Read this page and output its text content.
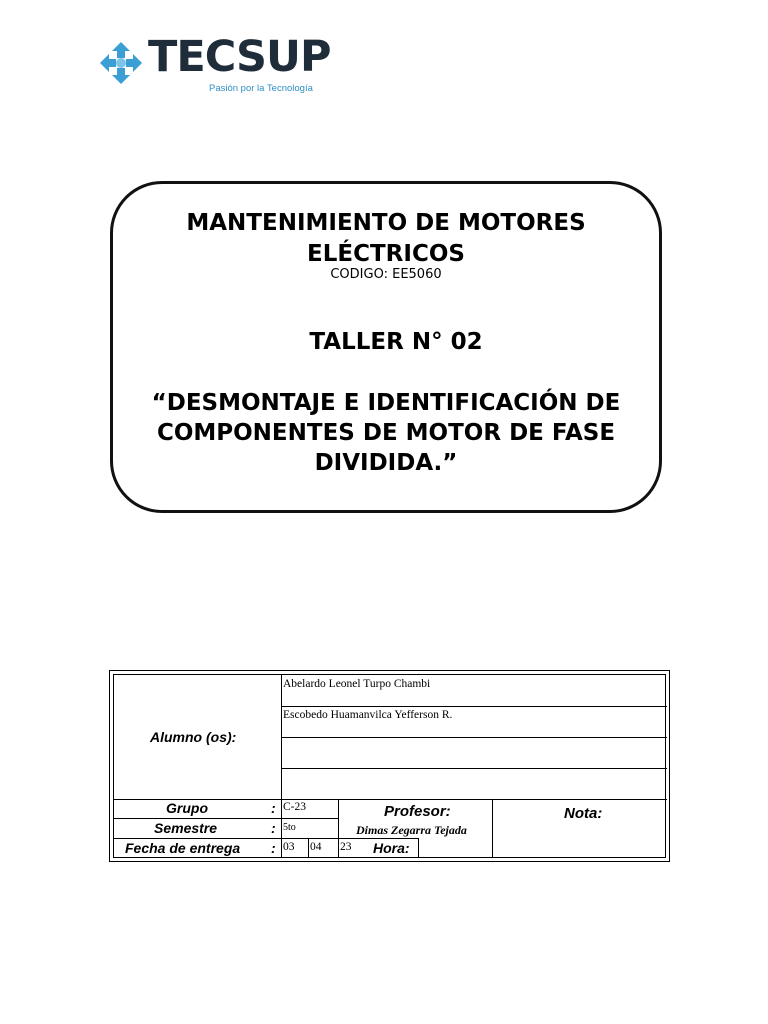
TECSUP
Pasión por la Tecnología
MANTENIMIENTO DE MOTORES
ELÉCTRICOS
CODIGO: EE5060
TALLER N° 02
“DESMONTAJE E IDENTIFICACIÓN DE
COMPONENTES DE MOTOR DE FASE
DIVIDIDA.”
Alumno (os):
Abelardo Leonel Turpo Chambi
Escobedo Huamanvilca Yefferson R.
Grupo	: C-23
Semestre	: 5to
Fecha de entrega : 03 04 23 Hora:
Profesor:
Dimas Zegarra Tejada
Nota:
